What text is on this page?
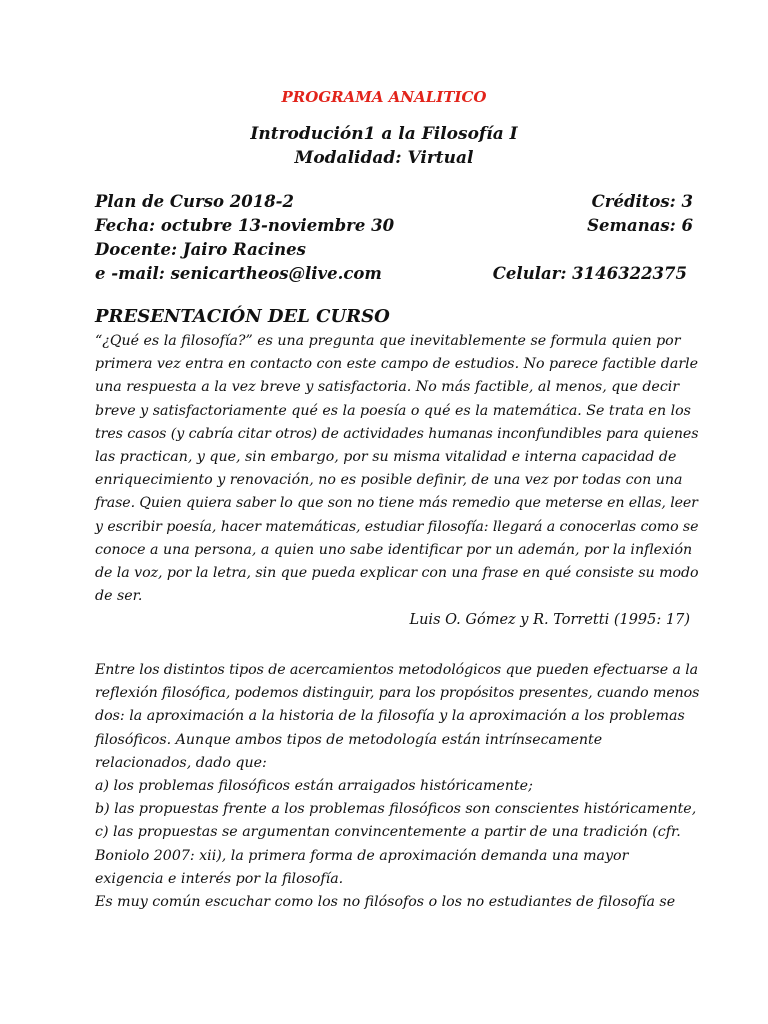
PROGRAMA ANALITICO
Introdución1 a la Filosofía I
Modalidad: Virtual
Plan de Curso 2018-2	Créditos: 3
Fecha: octubre 13-noviembre 30	Semanas: 6
Docente: Jairo Racines
e -mail: senicartheos@live.com	Celular: 3146322375
PRESENTACIÓN DEL CURSO
“¿Qué es la filosofía?” es una pregunta que inevitablemente se formula quien por
primera vez entra en contacto con este campo de estudios. No parece factible darle
una respuesta a la vez breve y satisfactoria. No más factible, al menos, que decir
breve y satisfactoriamente qué es la poesía o qué es la matemática. Se trata en los
tres casos (y cabría citar otros) de actividades humanas inconfundibles para quienes
las practican, y que, sin embargo, por su misma vitalidad e interna capacidad de
enriquecimiento y renovación, no es posible definir, de una vez por todas con una
frase. Quien quiera saber lo que son no tiene más remedio que meterse en ellas, leer
y escribir poesía, hacer matemáticas, estudiar filosofía: llegará a conocerlas como se
conoce a una persona, a quien uno sabe identificar por un ademán, por la inflexión
de la voz, por la letra, sin que pueda explicar con una frase en qué consiste su modo
de ser.
Luis O. Gómez y R. Torretti (1995: 17)
Entre los distintos tipos de acercamientos metodológicos que pueden efectuarse a la
reflexión filosófica, podemos distinguir, para los propósitos presentes, cuando menos
dos: la aproximación a la historia de la filosofía y la aproximación a los problemas
filosóficos. Aunque ambos tipos de metodología están intrínsecamente
relacionados, dado que:
a) los problemas filosóficos están arraigados históricamente;
b) las propuestas frente a los problemas filosóficos son conscientes históricamente,
c) las propuestas se argumentan convincentemente a partir de una tradición (cfr.
Boniolo 2007: xii), la primera forma de aproximación demanda una mayor
exigencia e interés por la filosofía.
Es muy común escuchar como los no filósofos o los no estudiantes de filosofía se
